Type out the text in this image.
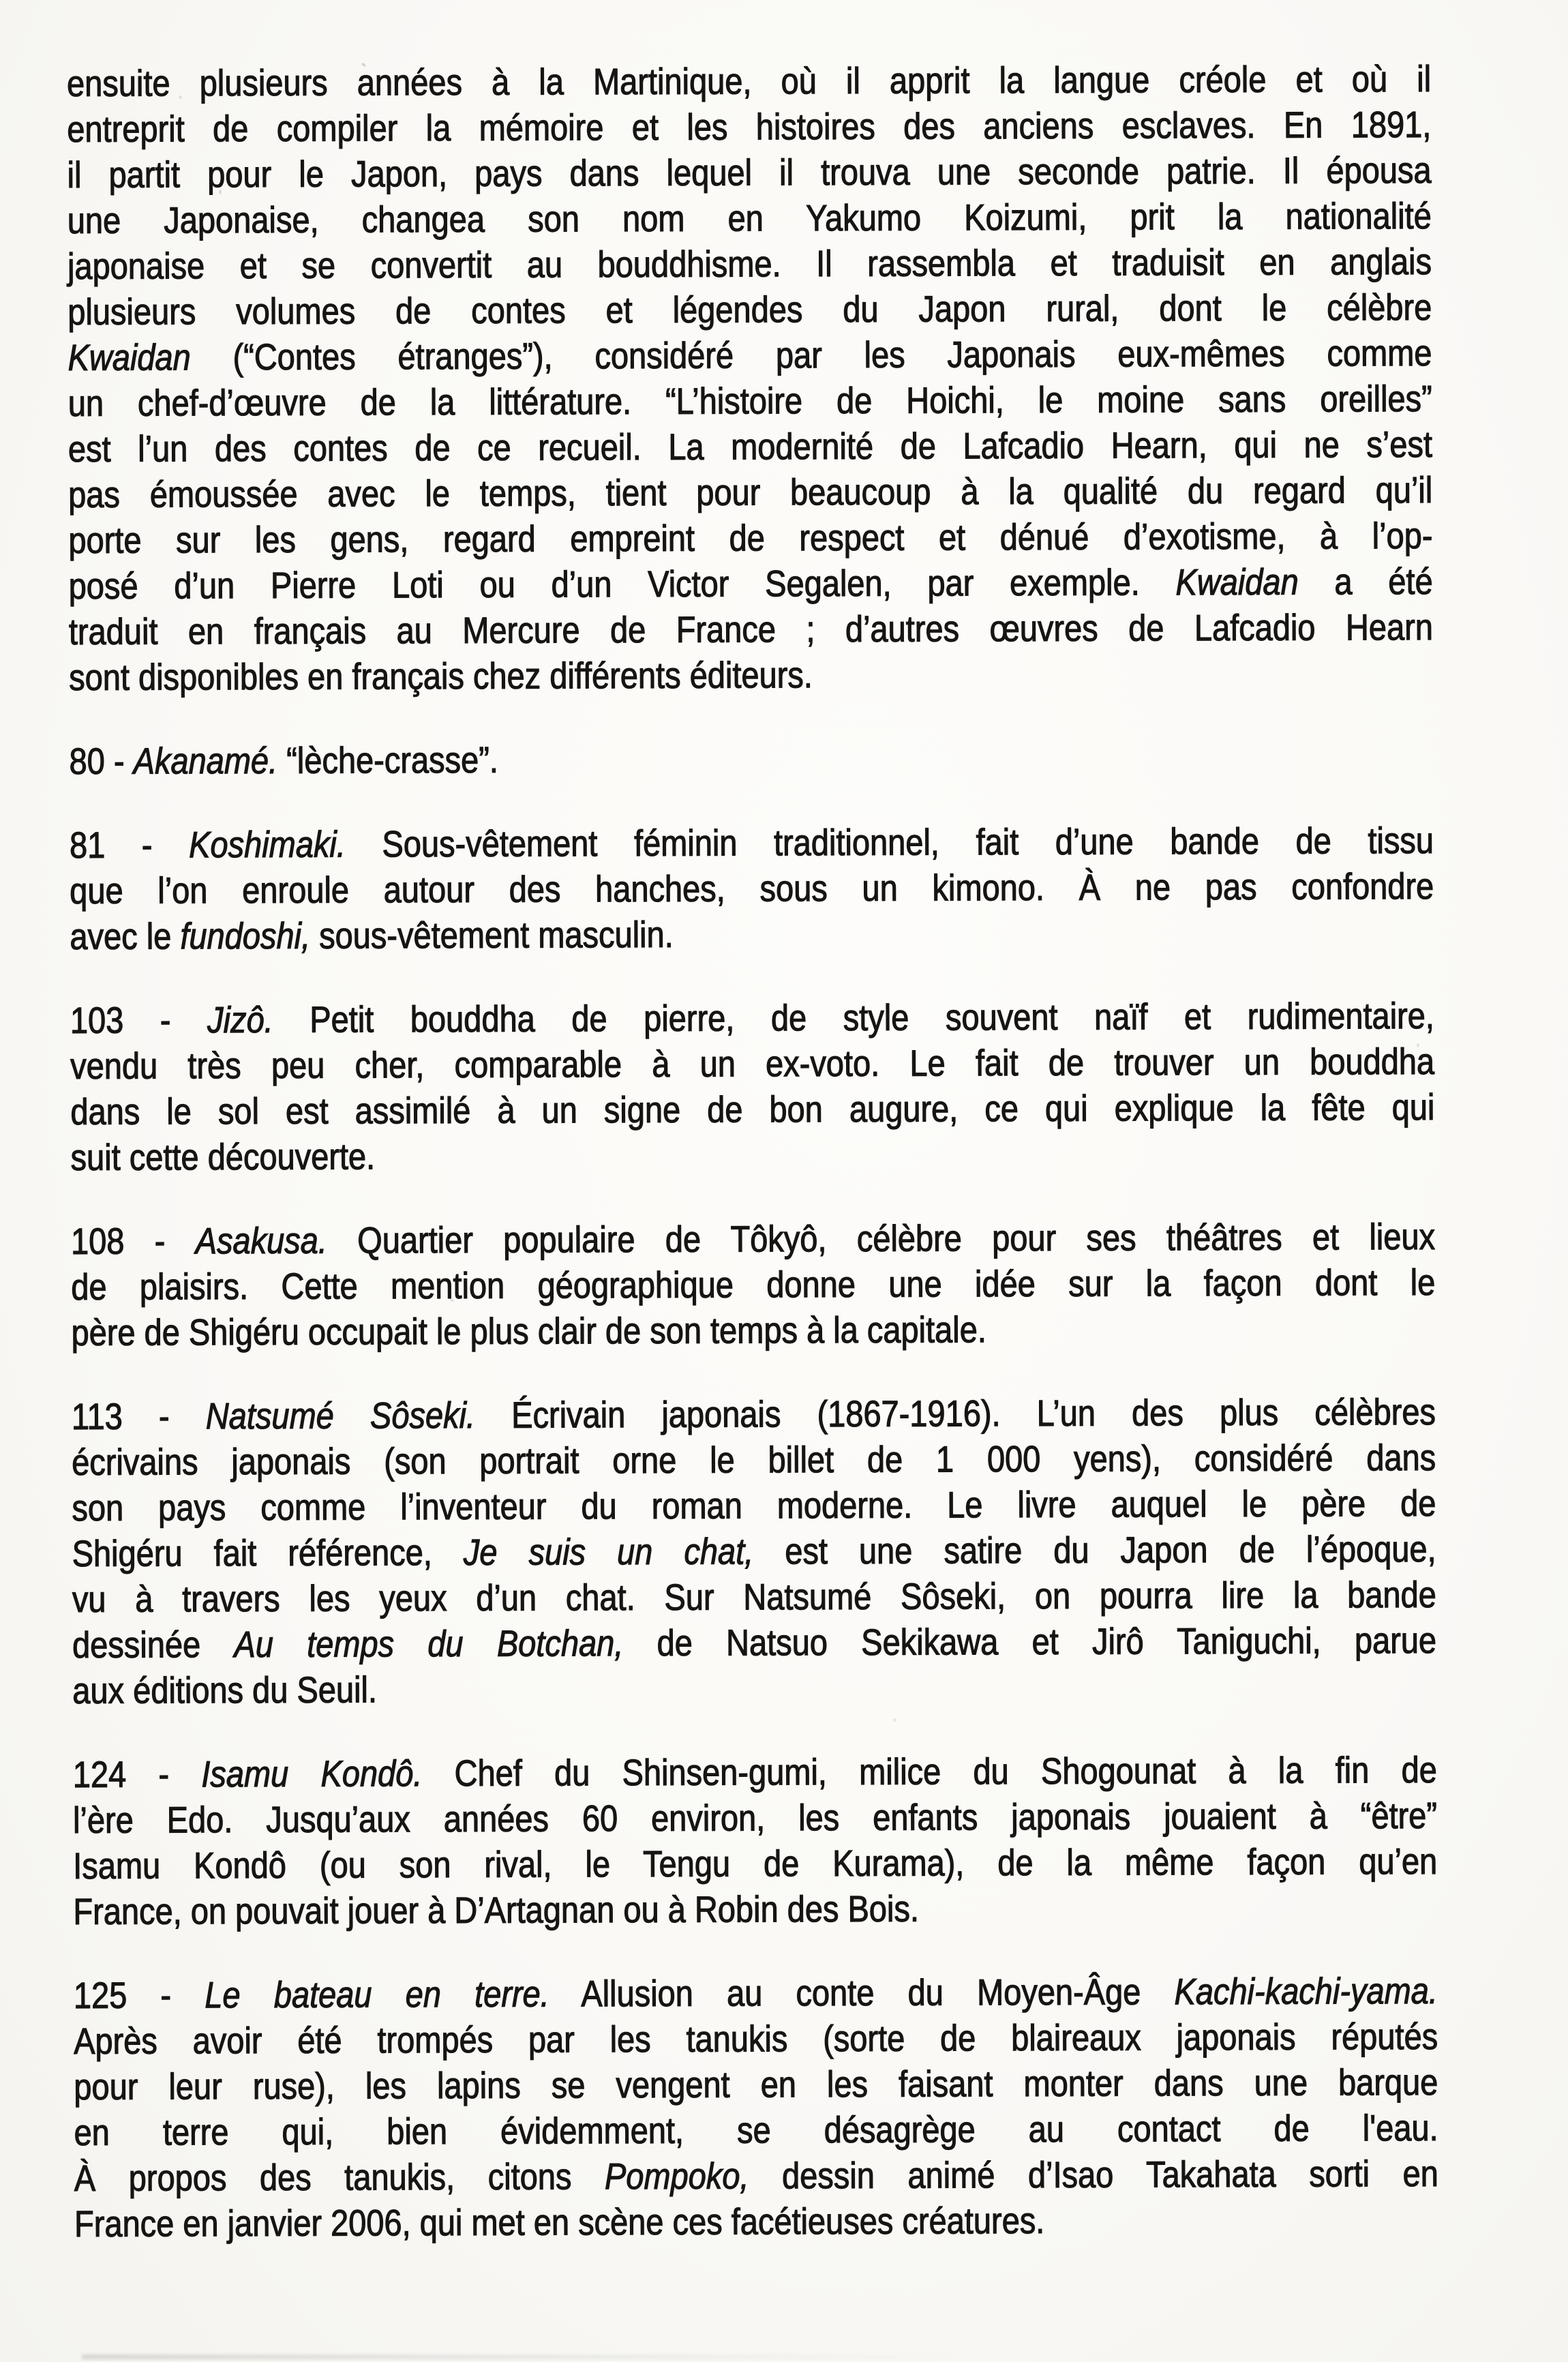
ensuite plusieurs années à la Martinique, où il apprit la langue créole et où il
entreprit de compiler la mémoire et les histoires des anciens esclaves. En 1891,
il partit pour le Japon, pays dans lequel il trouva une seconde patrie. Il épousa
une Japonaise, changea son nom en Yakumo Koizumi, prit la nationalité
japonaise et se convertit au bouddhisme. Il rassembla et traduisit en anglais
plusieurs volumes de contes et légendes du Japon rural, dont le célèbre
Kwaidan (“Contes étranges”), considéré par les Japonais eux-mêmes comme
un chef-d’œuvre de la littérature. “L’histoire de Hoichi, le moine sans oreilles”
est l’un des contes de ce recueil. La modernité de Lafcadio Hearn, qui ne s’est
pas émoussée avec le temps, tient pour beaucoup à la qualité du regard qu’il
porte sur les gens, regard empreint de respect et dénué d’exotisme, à l’op-
posé d’un Pierre Loti ou d’un Victor Segalen, par exemple. Kwaidan a été
traduit en français au Mercure de France ; d’autres œuvres de Lafcadio Hearn
sont disponibles en français chez différents éditeurs.
80 - Akanamé. “lèche-crasse”.
81 - Koshimaki. Sous-vêtement féminin traditionnel, fait d’une bande de tissu
que l’on enroule autour des hanches, sous un kimono. À ne pas confondre
avec le fundoshi, sous-vêtement masculin.
103 - Jizô. Petit bouddha de pierre, de style souvent naïf et rudimentaire,
vendu très peu cher, comparable à un ex-voto. Le fait de trouver un bouddha
dans le sol est assimilé à un signe de bon augure, ce qui explique la fête qui
suit cette découverte.
108 - Asakusa. Quartier populaire de Tôkyô, célèbre pour ses théâtres et lieux
de plaisirs. Cette mention géographique donne une idée sur la façon dont le
père de Shigéru occupait le plus clair de son temps à la capitale.
113 - Natsumé Sôseki. Écrivain japonais (1867-1916). L’un des plus célèbres
écrivains japonais (son portrait orne le billet de 1 000 yens), considéré dans
son pays comme l’inventeur du roman moderne. Le livre auquel le père de
Shigéru fait référence, Je suis un chat, est une satire du Japon de l’époque,
vu à travers les yeux d’un chat. Sur Natsumé Sôseki, on pourra lire la bande
dessinée Au temps du Botchan, de Natsuo Sekikawa et Jirô Taniguchi, parue
aux éditions du Seuil.
124 - Isamu Kondô. Chef du Shinsen-gumi, milice du Shogounat à la fin de
l’ère Edo. Jusqu’aux années 60 environ, les enfants japonais jouaient à “être”
Isamu Kondô (ou son rival, le Tengu de Kurama), de la même façon qu’en
France, on pouvait jouer à D’Artagnan ou à Robin des Bois.
125 - Le bateau en terre. Allusion au conte du Moyen-Âge Kachi-kachi-yama.
Après avoir été trompés par les tanukis (sorte de blaireaux japonais réputés
pour leur ruse), les lapins se vengent en les faisant monter dans une barque
en terre qui, bien évidemment, se désagrège au contact de l'eau.
À propos des tanukis, citons Pompoko, dessin animé d’Isao Takahata sorti en
France en janvier 2006, qui met en scène ces facétieuses créatures.
